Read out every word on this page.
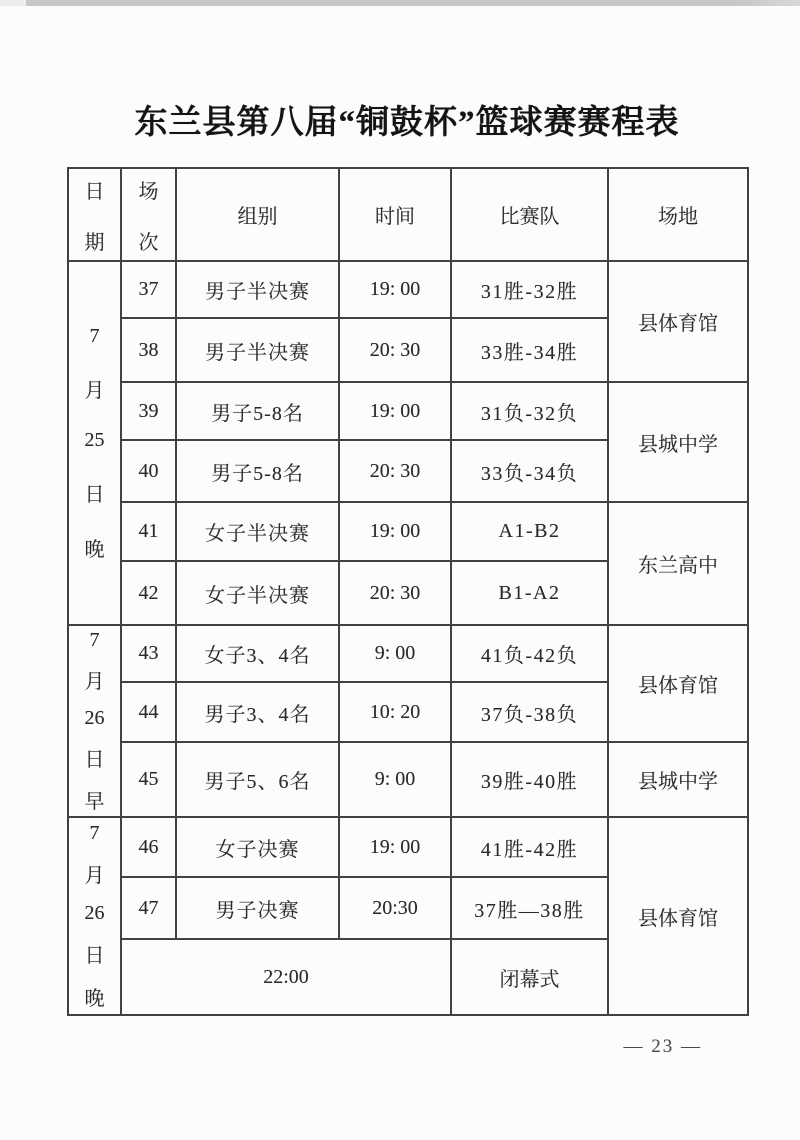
东兰县第八届“铜鼓杯”篮球赛赛程表
日
期	场
次	组别	时间	比赛队	场地

7
月
25
日
晚	37	男子半决赛	19: 00	31胜-32胜	县体育馆
	38	男子半决赛	20: 30	33胜-34胜	
	39	男子5-8名	19: 00	31负-32负	县城中学
	40	男子5-8名	20: 30	33负-34负	
	41	女子半决赛	19: 00	A1-B2	东兰高中
	42	女子半决赛	20: 30	B1-A2	

7
月
26
日
早	43	女子3、4名	9: 00	41负-42负	县体育馆
	44	男子3、4名	10: 20	37负-38负	
	45	男子5、6名	9: 00	39胜-40胜	县城中学

7
月
26
日
晚	46	女子决赛	19: 00	41胜-42胜	县体育馆
	47	男子决赛	20:30	37胜—38胜	
	22:00			闭幕式	
— 23 —
